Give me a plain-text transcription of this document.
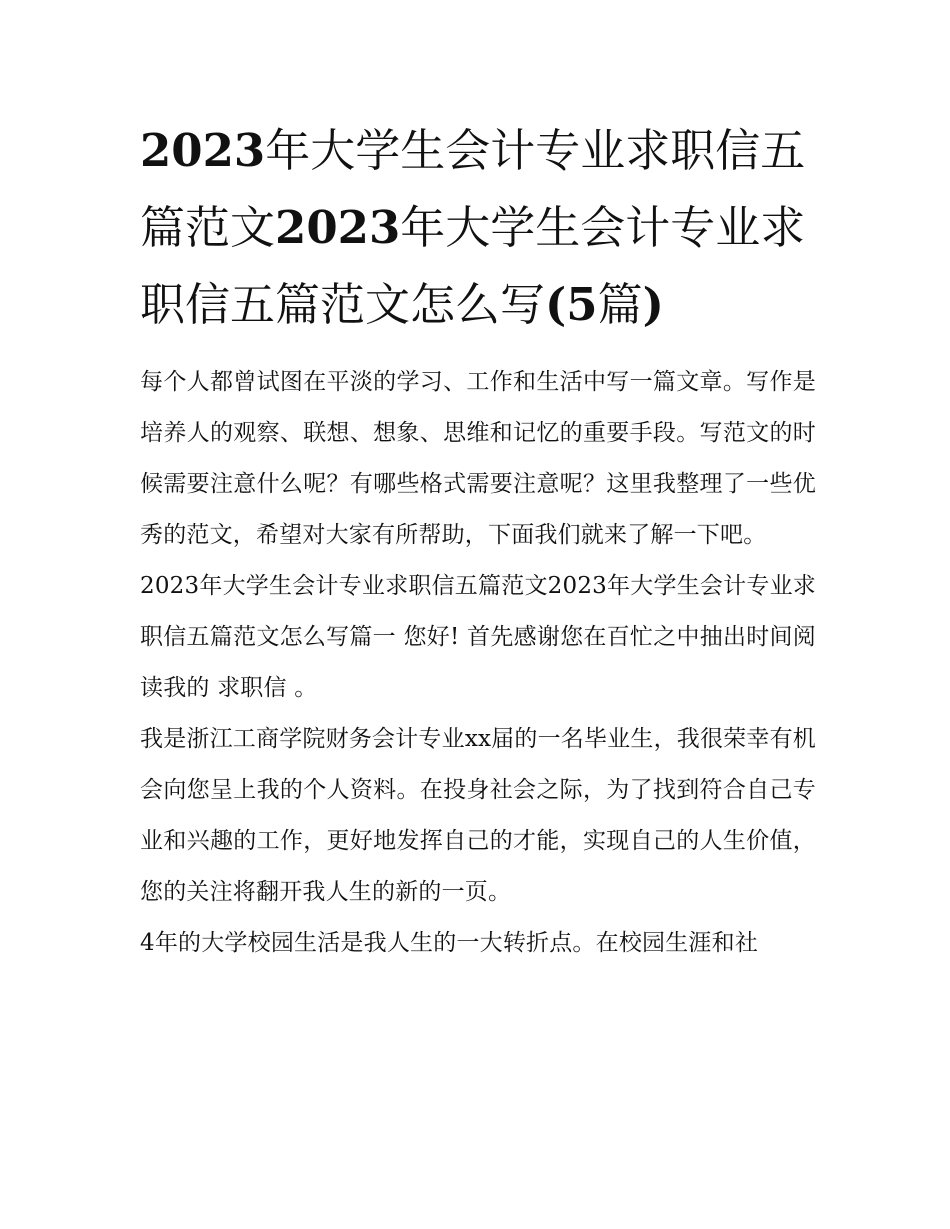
2023年大学生会计专业求职信五篇范文2023年大学生会计专业求职信五篇范文怎么写(5篇)

每个人都曾试图在平淡的学习、工作和生活中写一篇文章。写作是培养人的观察、联想、想象、思维和记忆的重要手段。写范文的时候需要注意什么呢？有哪些格式需要注意呢？这里我整理了一些优秀的范文，希望对大家有所帮助，下面我们就来了解一下吧。

2023年大学生会计专业求职信五篇范文2023年大学生会计专业求职信五篇范文怎么写篇一 您好! 首先感谢您在百忙之中抽出时间阅读我的 求职信 。

我是浙江工商学院财务会计专业xx届的一名毕业生，我很荣幸有机会向您呈上我的个人资料。在投身社会之际，为了找到符合自己专业和兴趣的工作，更好地发挥自己的才能，实现自己的人生价值，您的关注将翻开我人生的新的一页。

4年的大学校园生活是我人生的一大转折点。在校园生涯和社
